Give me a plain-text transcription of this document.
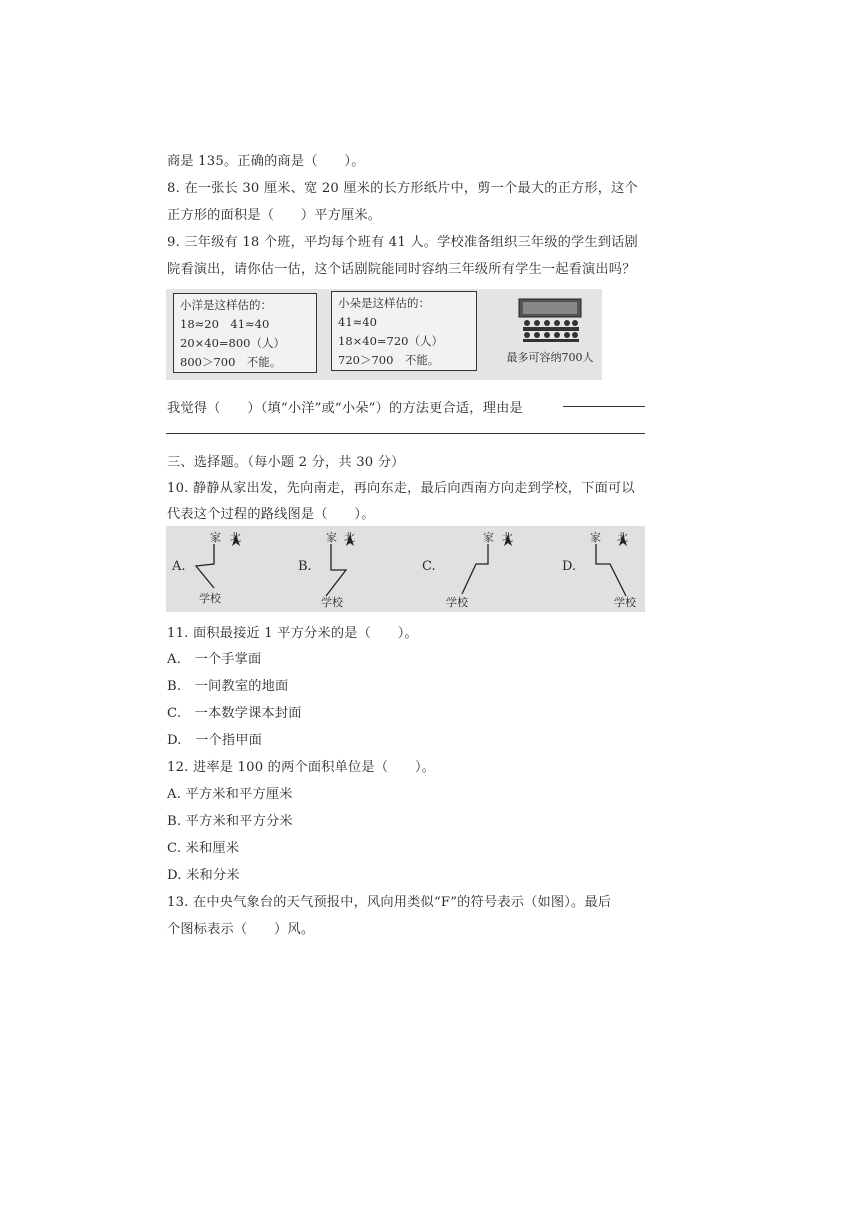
商是 135。正确的商是（　　）。
8. 在一张长 30 厘米、宽 20 厘米的长方形纸片中，剪一个最大的正方形，这个
正方形的面积是（　　）平方厘米。
9. 三年级有 18 个班，平均每个班有 41 人。学校准备组织三年级的学生到话剧
院看演出，请你估一估，这个话剧院能同时容纳三年级所有学生一起看演出吗？
小洋是这样估的：
18≈20　41≈40
20×40=800（人）
800＞700　不能。
小朵是这样估的：
41≈40
18×40=720（人）
720＞700　不能。	最多可容纳700人
我觉得（　　）（填“小洋”或“小朵”）的方法更合适，理由是
三、选择题。（每小题 2 分，共 30 分）
10. 静静从家出发，先向南走，再向东走，最后向西南方向走到学校，下面可以
代表这个过程的路线图是（　　）。
A.	B.	C.	D.
家 北
学校
家 北
学校
家 北
学校
家 北
学校
11. 面积最接近 1 平方分米的是（　　）。
A.　一个手掌面
B.　一间教室的地面
C.　一本数学课本封面
D.　一个指甲面
12. 进率是 100 的两个面积单位是（　　）。
A. 平方米和平方厘米
B. 平方米和平方分米
C. 米和厘米
D. 米和分米
13. 在中央气象台的天气预报中，风向用类似“F”的符号表示（如图）。最后
个图标表示（　　）风。
